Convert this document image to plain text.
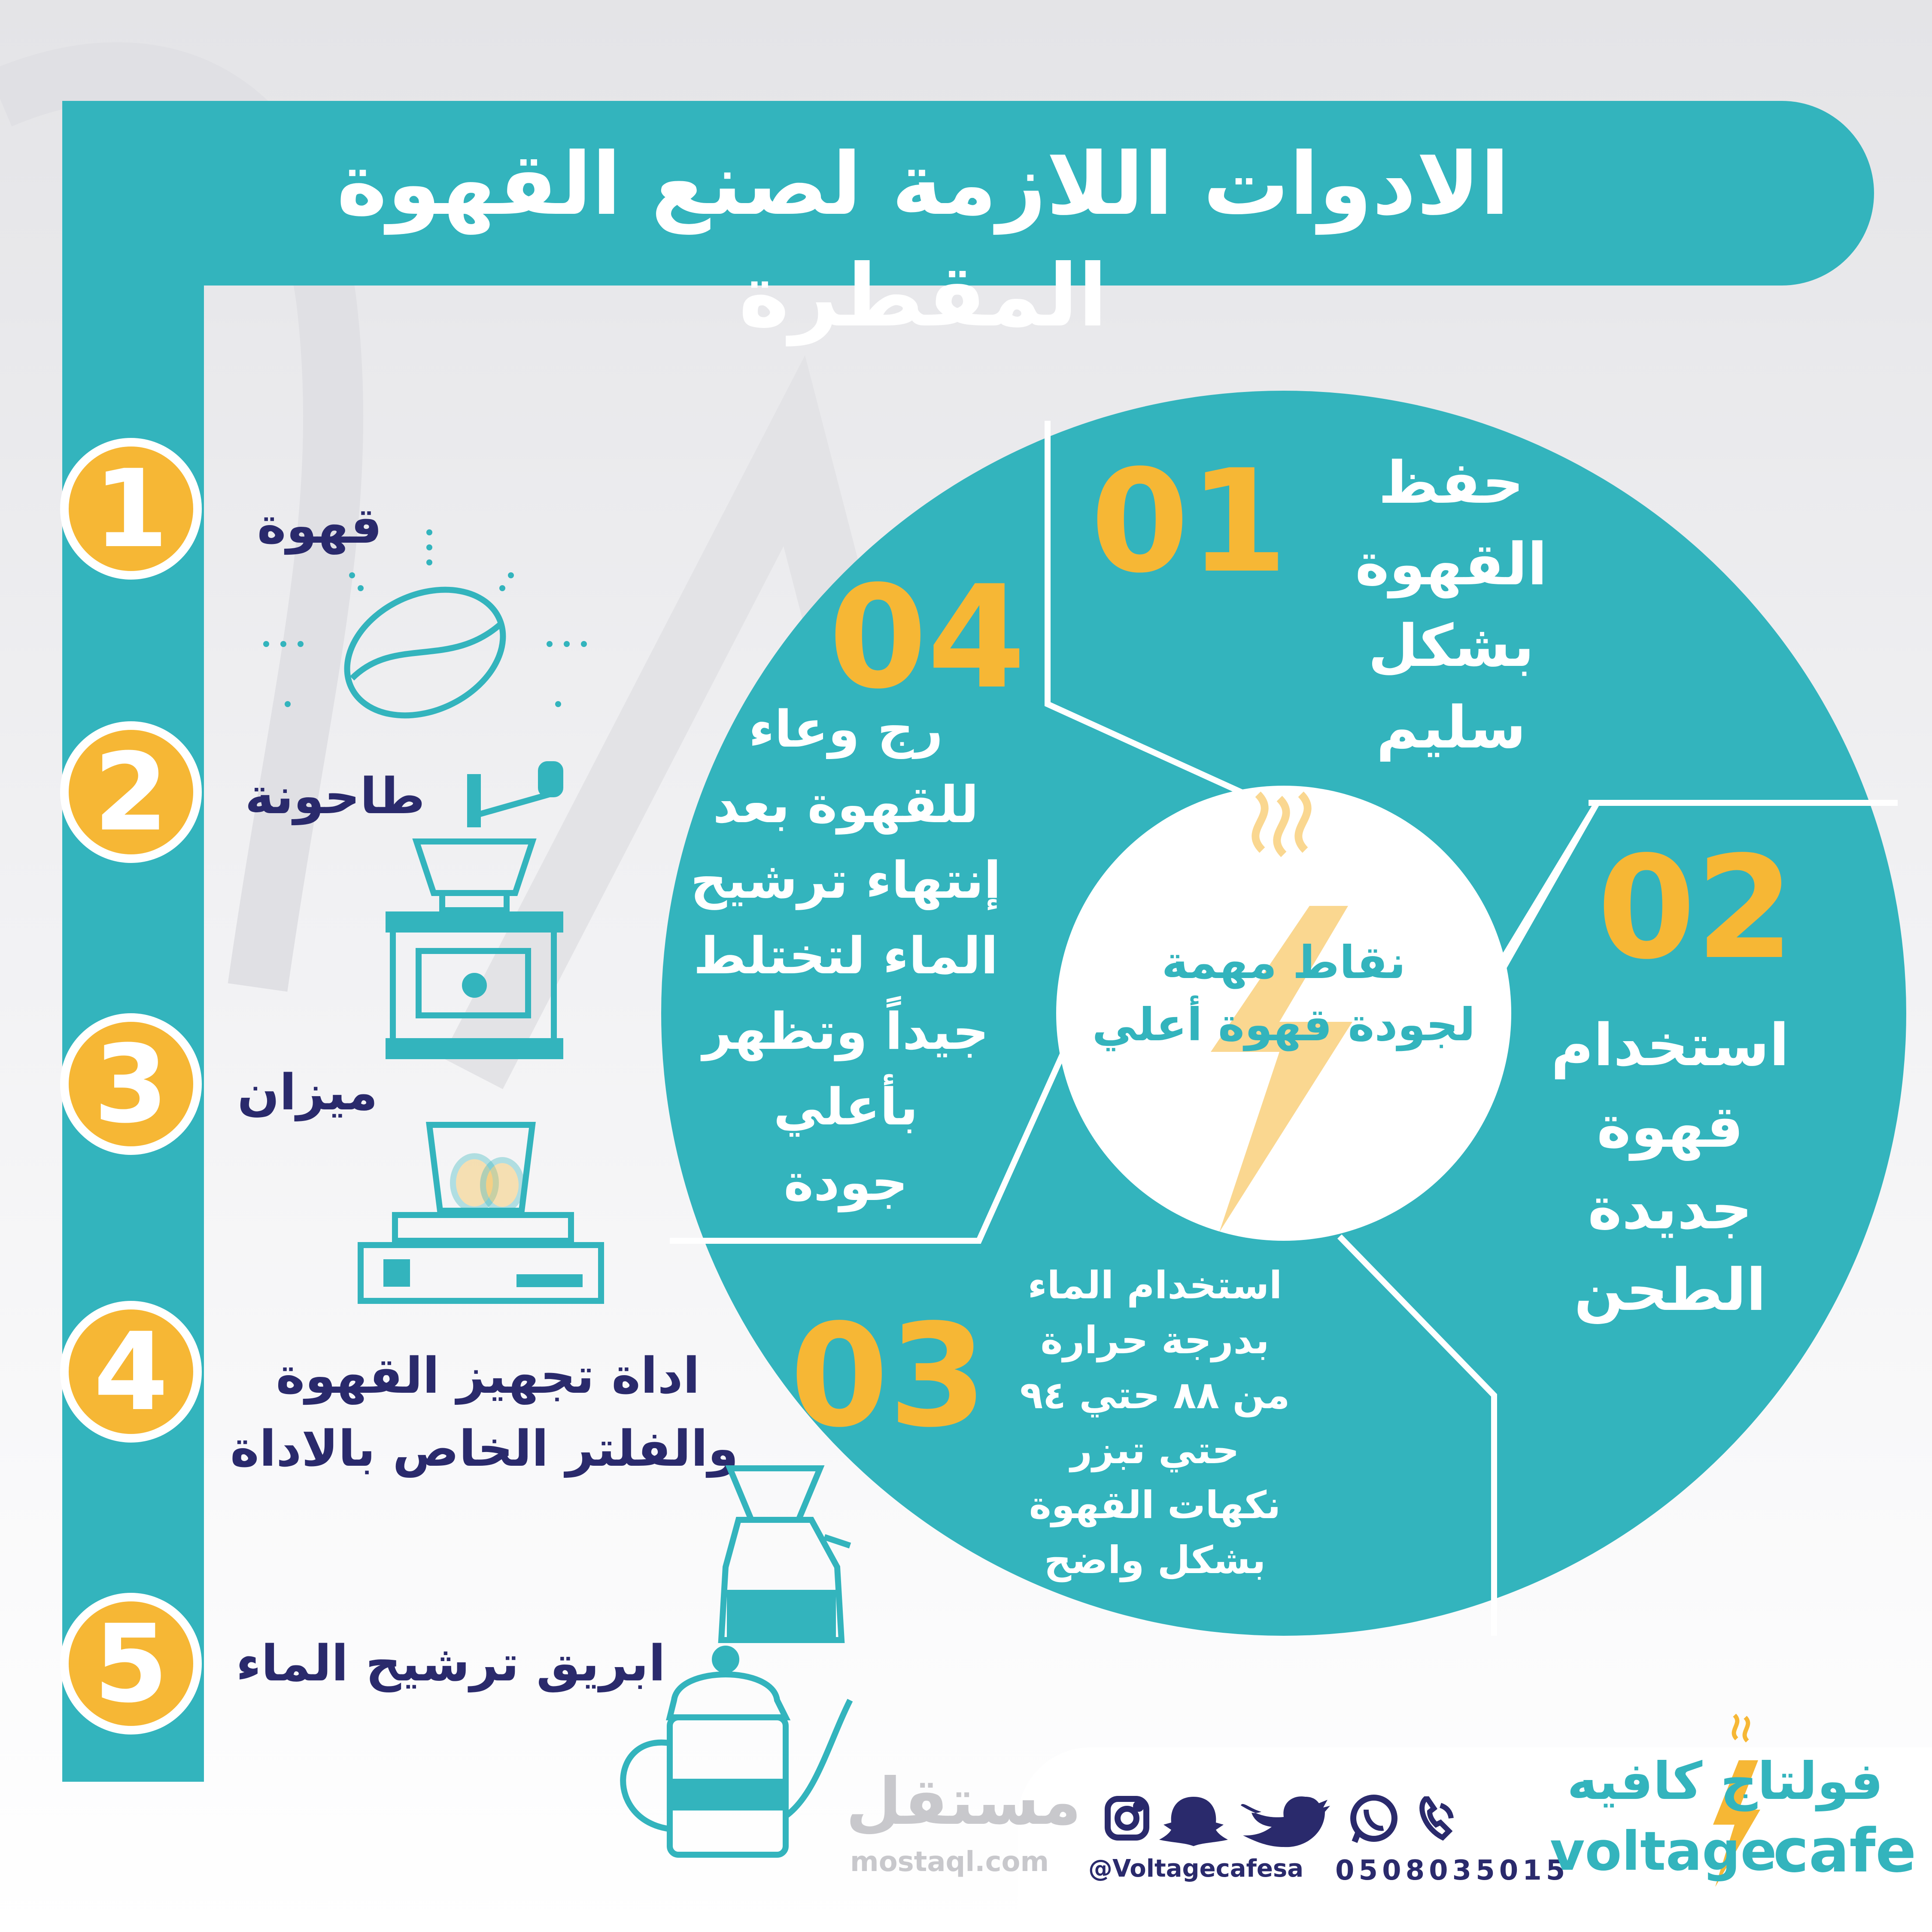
الادوات اللازمة لصنع القهوة المقطرة
1
2
3
4
5
قهوة
طاحونة
ميزان
اداة تجهيز القهوة
والفلتر الخاص بالاداة
ابريق ترشيح الماء
نقاط مهمة
لجودة قهوة أعلي
01	حفظ
القهوة
بشكل
سليم
02
استخدام
قهوة
جديدة
الطحن
03
استخدام الماء
بدرجة حرارة
من ٨٨ حتي ٩٤
حتي تبزر
نكهات القهوة
بشكل واضح
04
رج وعاء
للقهوة بعد
إنتهاء ترشيح
الماء لتختلط
جيداً وتظهر
بأعلي
جودة
مستقل
mostaql.com @Voltagecafesa 0508035015
فولتاج كافيه
voltage
cafe
